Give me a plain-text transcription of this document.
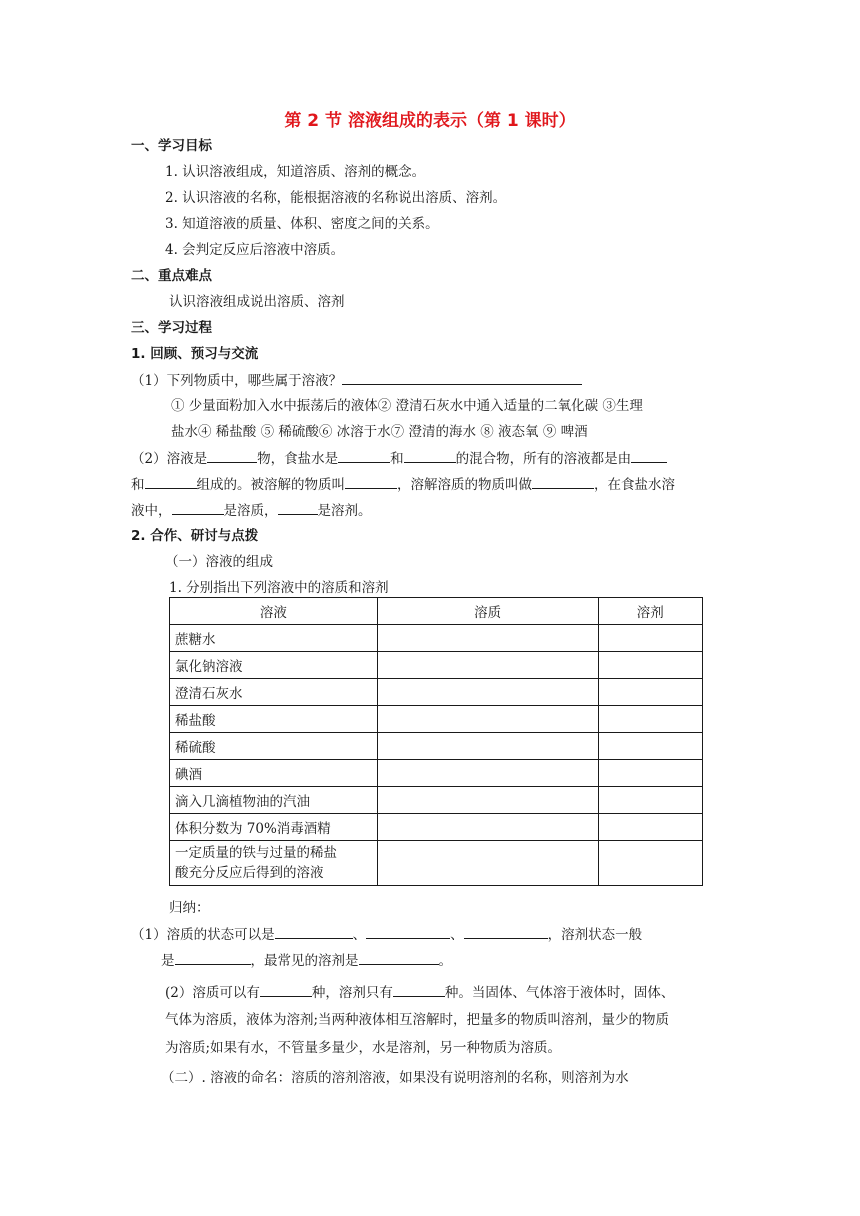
第 2 节 溶液组成的表示（第 1 课时）
一、学习目标
1. 认识溶液组成，知道溶质、溶剂的概念。
2. 认识溶液的名称，能根据溶液的名称说出溶质、溶剂。
3. 知道溶液的质量、体积、密度之间的关系。
4. 会判定反应后溶液中溶质。
二、重点难点
认识溶液组成说出溶质、溶剂
三、学习过程
1. 回顾、预习与交流
（1）下列物质中，哪些属于溶液？
① 少量面粉加入水中振荡后的液体② 澄清石灰水中通入适量的二氧化碳 ③生理
盐水④ 稀盐酸 ⑤ 稀硫酸⑥ 冰溶于水⑦ 澄清的海水 ⑧ 液态氧 ⑨ 啤酒
（2）溶液是	物，食盐水是	和	的混合物，所有的溶液都是由
和	组成的。被溶解的物质叫	，溶解溶质的物质叫做	，在食盐水溶
液中，	是溶质，	是溶剂。
2. 合作、研讨与点拨
（一）溶液的组成
1. 分别指出下列溶液中的溶质和溶剂
溶液	溶质	溶剂
蔗糖水		
氯化钠溶液		
澄清石灰水		
稀盐酸		
稀硫酸		
碘酒		
滴入几滴植物油的汽油		
体积分数为 70%消毒酒精		
一定质量的铁与过量的稀盐
酸充分反应后得到的溶液		
归纳：
（1）溶质的状态可以是	、	、	，溶剂状态一般
是	，最常见的溶剂是	。
(2）溶质可以有	种，溶剂只有	种。当固体、气体溶于液体时，固体、
气体为溶质，液体为溶剂;当两种液体相互溶解时，把量多的物质叫溶剂，量少的物质
为溶质;如果有水，不管量多量少，水是溶剂，另一种物质为溶质。
（二）. 溶液的命名：溶质的溶剂溶液，如果没有说明溶剂的名称，则溶剂为水
